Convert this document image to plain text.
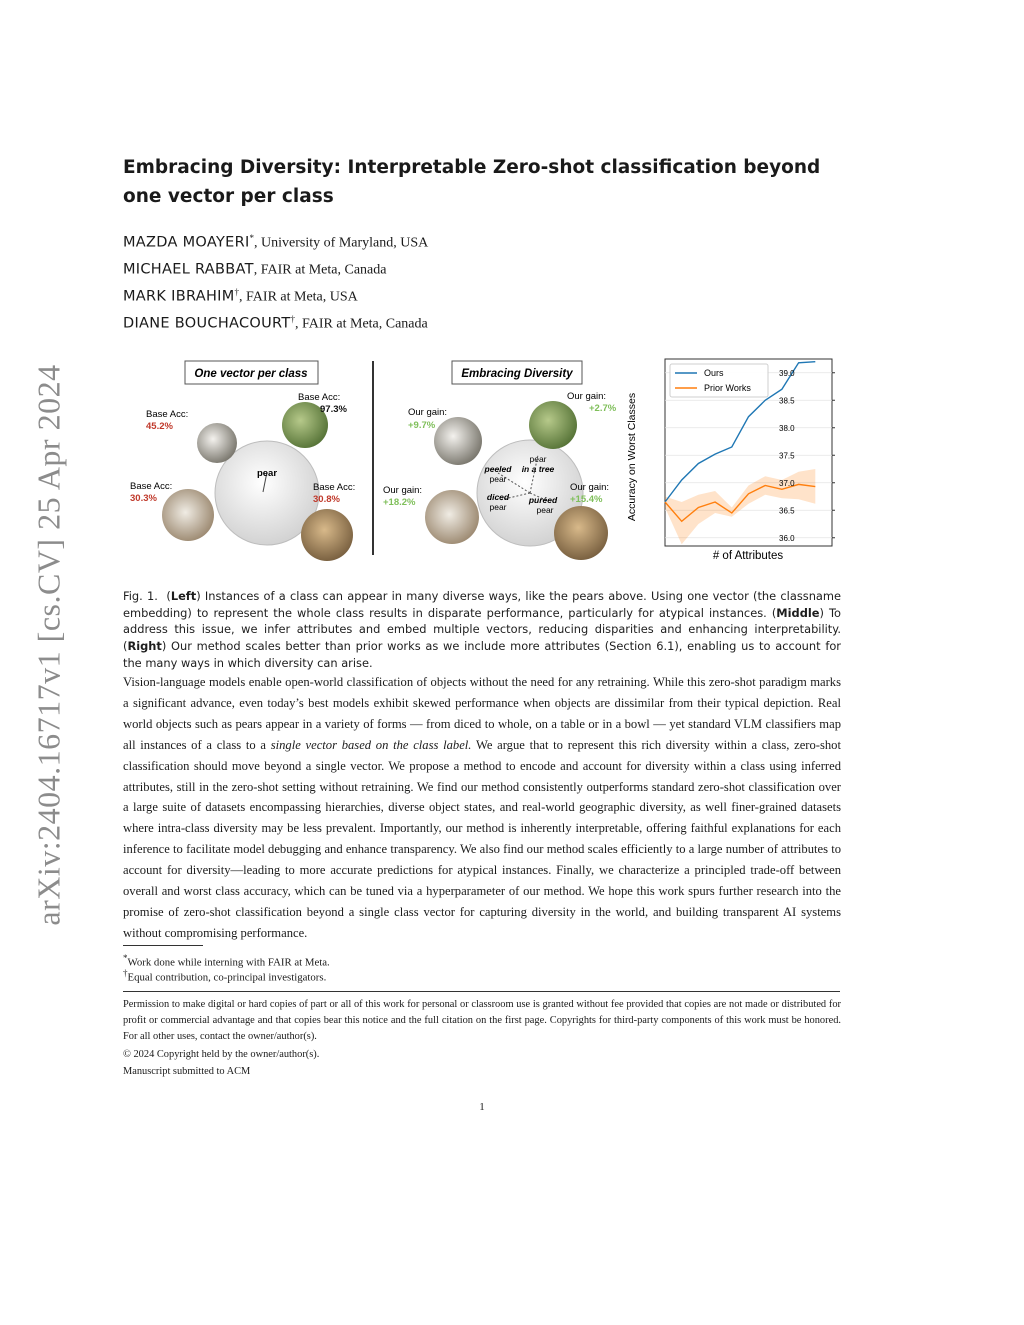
arXiv:2404.16717v1 [cs.CV] 25 Apr 2024
Embracing Diversity: Interpretable Zero-shot classification beyond one vector per class
MAZDA MOAYERI*, University of Maryland, USA
MICHAEL RABBAT, FAIR at Meta, Canada
MARK IBRAHIM†, FAIR at Meta, USA
DIANE BOUCHACOURT†, FAIR at Meta, Canada
One vector per class
pear
Base Acc:
45.2%
Base Acc:
97.3%
Base Acc:
30.3%
Base Acc:
30.8%
Embracing Diversity
peeled
pear
in a tree
pear
diced
pear
puréed
pear
Our gain:
+9.7%
Our gain:
+2.7%
Our gain:
+18.2%
Our gain:
+15.4%
36.0
36.5
37.0
37.5
38.0
38.5
39.0
Accuracy on Worst Classes
# of Attributes
Ours
Prior Works
Fig. 1.  (Left) Instances of a class can appear in many diverse ways, like the pears above. Using one vector (the classname embedding) to represent the whole class results in disparate performance, particularly for atypical instances. (Middle) To address this issue, we infer attributes and embed multiple vectors, reducing disparities and enhancing interpretability. (Right) Our method scales better than prior works as we include more attributes (Section 6.1), enabling us to account for the many ways in which diversity can arise.
Vision-language models enable open-world classification of objects without the need for any retraining. While this zero-shot paradigm marks a significant advance, even today’s best models exhibit skewed performance when objects are dissimilar from their typical depiction. Real world objects such as pears appear in a variety of forms — from diced to whole, on a table or in a bowl — yet standard VLM classifiers map all instances of a class to a single vector based on the class label. We argue that to represent this rich diversity within a class, zero-shot classification should move beyond a single vector. We propose a method to encode and account for diversity within a class using inferred attributes, still in the zero-shot setting without retraining. We find our method consistently outperforms standard zero-shot classification over a large suite of datasets encompassing hierarchies, diverse object states, and real-world geographic diversity, as well finer-grained datasets where intra-class diversity may be less prevalent. Importantly, our method is inherently interpretable, offering faithful explanations for each inference to facilitate model debugging and enhance transparency. We also find our method scales efficiently to a large number of attributes to account for diversity—leading to more accurate predictions for atypical instances. Finally, we characterize a principled trade-off between overall and worst class accuracy, which can be tuned via a hyperparameter of our method. We hope this work spurs further research into the promise of zero-shot classification beyond a single class vector for capturing diversity in the world, and building transparent AI systems without compromising performance.
*Work done while interning with FAIR at Meta.
†Equal contribution, co-principal investigators.
Permission to make digital or hard copies of part or all of this work for personal or classroom use is granted without fee provided that copies are not made or distributed for profit or commercial advantage and that copies bear this notice and the full citation on the first page. Copyrights for third-party components of this work must be honored. For all other uses, contact the owner/author(s).
© 2024 Copyright held by the owner/author(s).
Manuscript submitted to ACM
1
